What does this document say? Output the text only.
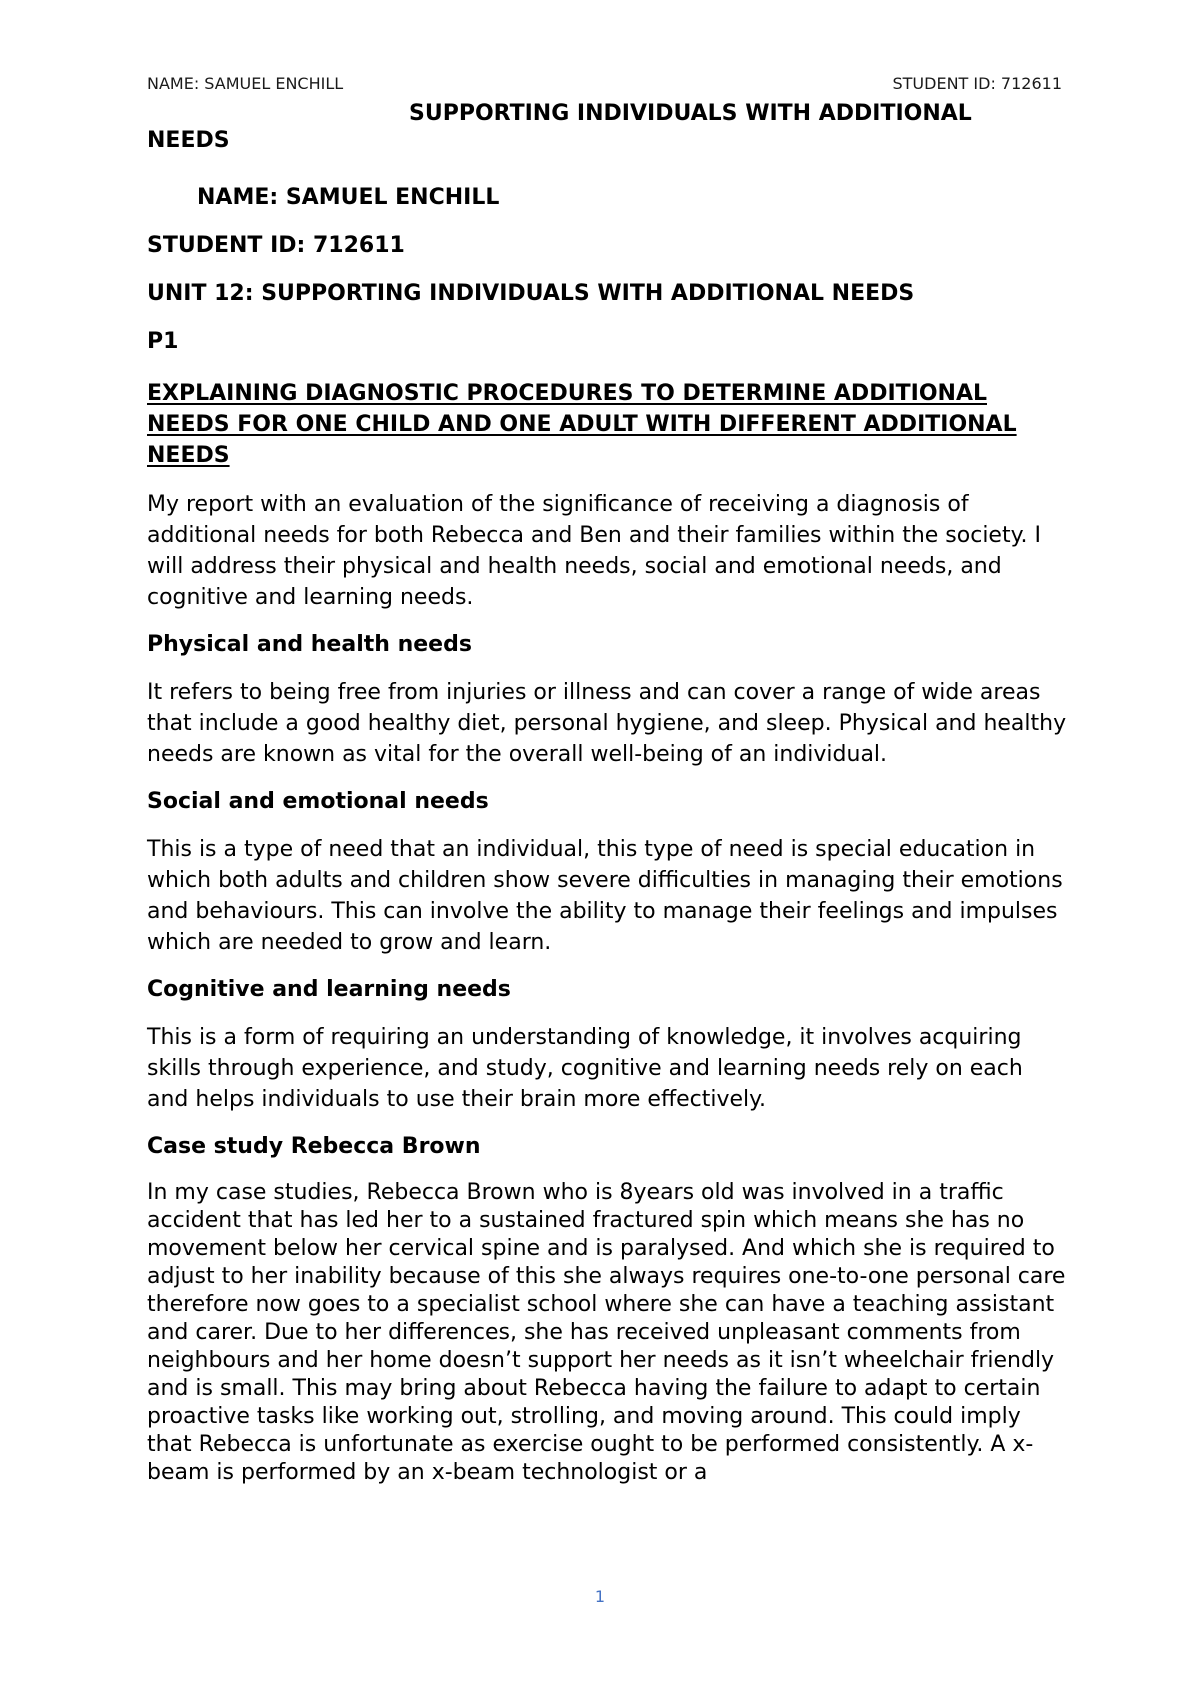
NAME: SAMUEL ENCHILL	STUDENT ID: 712611

SUPPORTING INDIVIDUALS WITH ADDITIONAL

NEEDS

NAME: SAMUEL ENCHILL

STUDENT ID: 712611

UNIT 12: SUPPORTING INDIVIDUALS WITH ADDITIONAL NEEDS

P1

EXPLAINING DIAGNOSTIC PROCEDURES TO DETERMINE ADDITIONAL NEEDS FOR ONE CHILD AND ONE ADULT WITH DIFFERENT ADDITIONAL NEEDS

My report with an evaluation of the significance of receiving a diagnosis of additional needs for both Rebecca and Ben and their families within the society. I will address their physical and health needs, social and emotional needs, and cognitive and learning needs.

Physical and health needs

It refers to being free from injuries or illness and can cover a range of wide areas that include a good healthy diet, personal hygiene, and sleep. Physical and healthy needs are known as vital for the overall well-being of an individual.

Social and emotional needs

This is a type of need that an individual, this type of need is special education in which both adults and children show severe difficulties in managing their emotions and behaviours. This can involve the ability to manage their feelings and impulses which are needed to grow and learn.

Cognitive and learning needs

This is a form of requiring an understanding of knowledge, it involves acquiring skills through experience, and study, cognitive and learning needs rely on each and helps individuals to use their brain more effectively.

Case study Rebecca Brown

In my case studies, Rebecca Brown who is 8years old was involved in a traffic accident that has led her to a sustained fractured spin which means she has no movement below her cervical spine and is paralysed. And which she is required to adjust to her inability because of this she always requires one-to-one personal care therefore now goes to a specialist school where she can have a teaching assistant and carer. Due to her differences, she has received unpleasant comments from neighbours and her home doesn’t support her needs as it isn’t wheelchair friendly and is small. This may bring about Rebecca having the failure to adapt to certain proactive tasks like working out, strolling, and moving around. This could imply that Rebecca is unfortunate as exercise ought to be performed consistently. A x-beam is performed by an x-beam technologist or a

1
